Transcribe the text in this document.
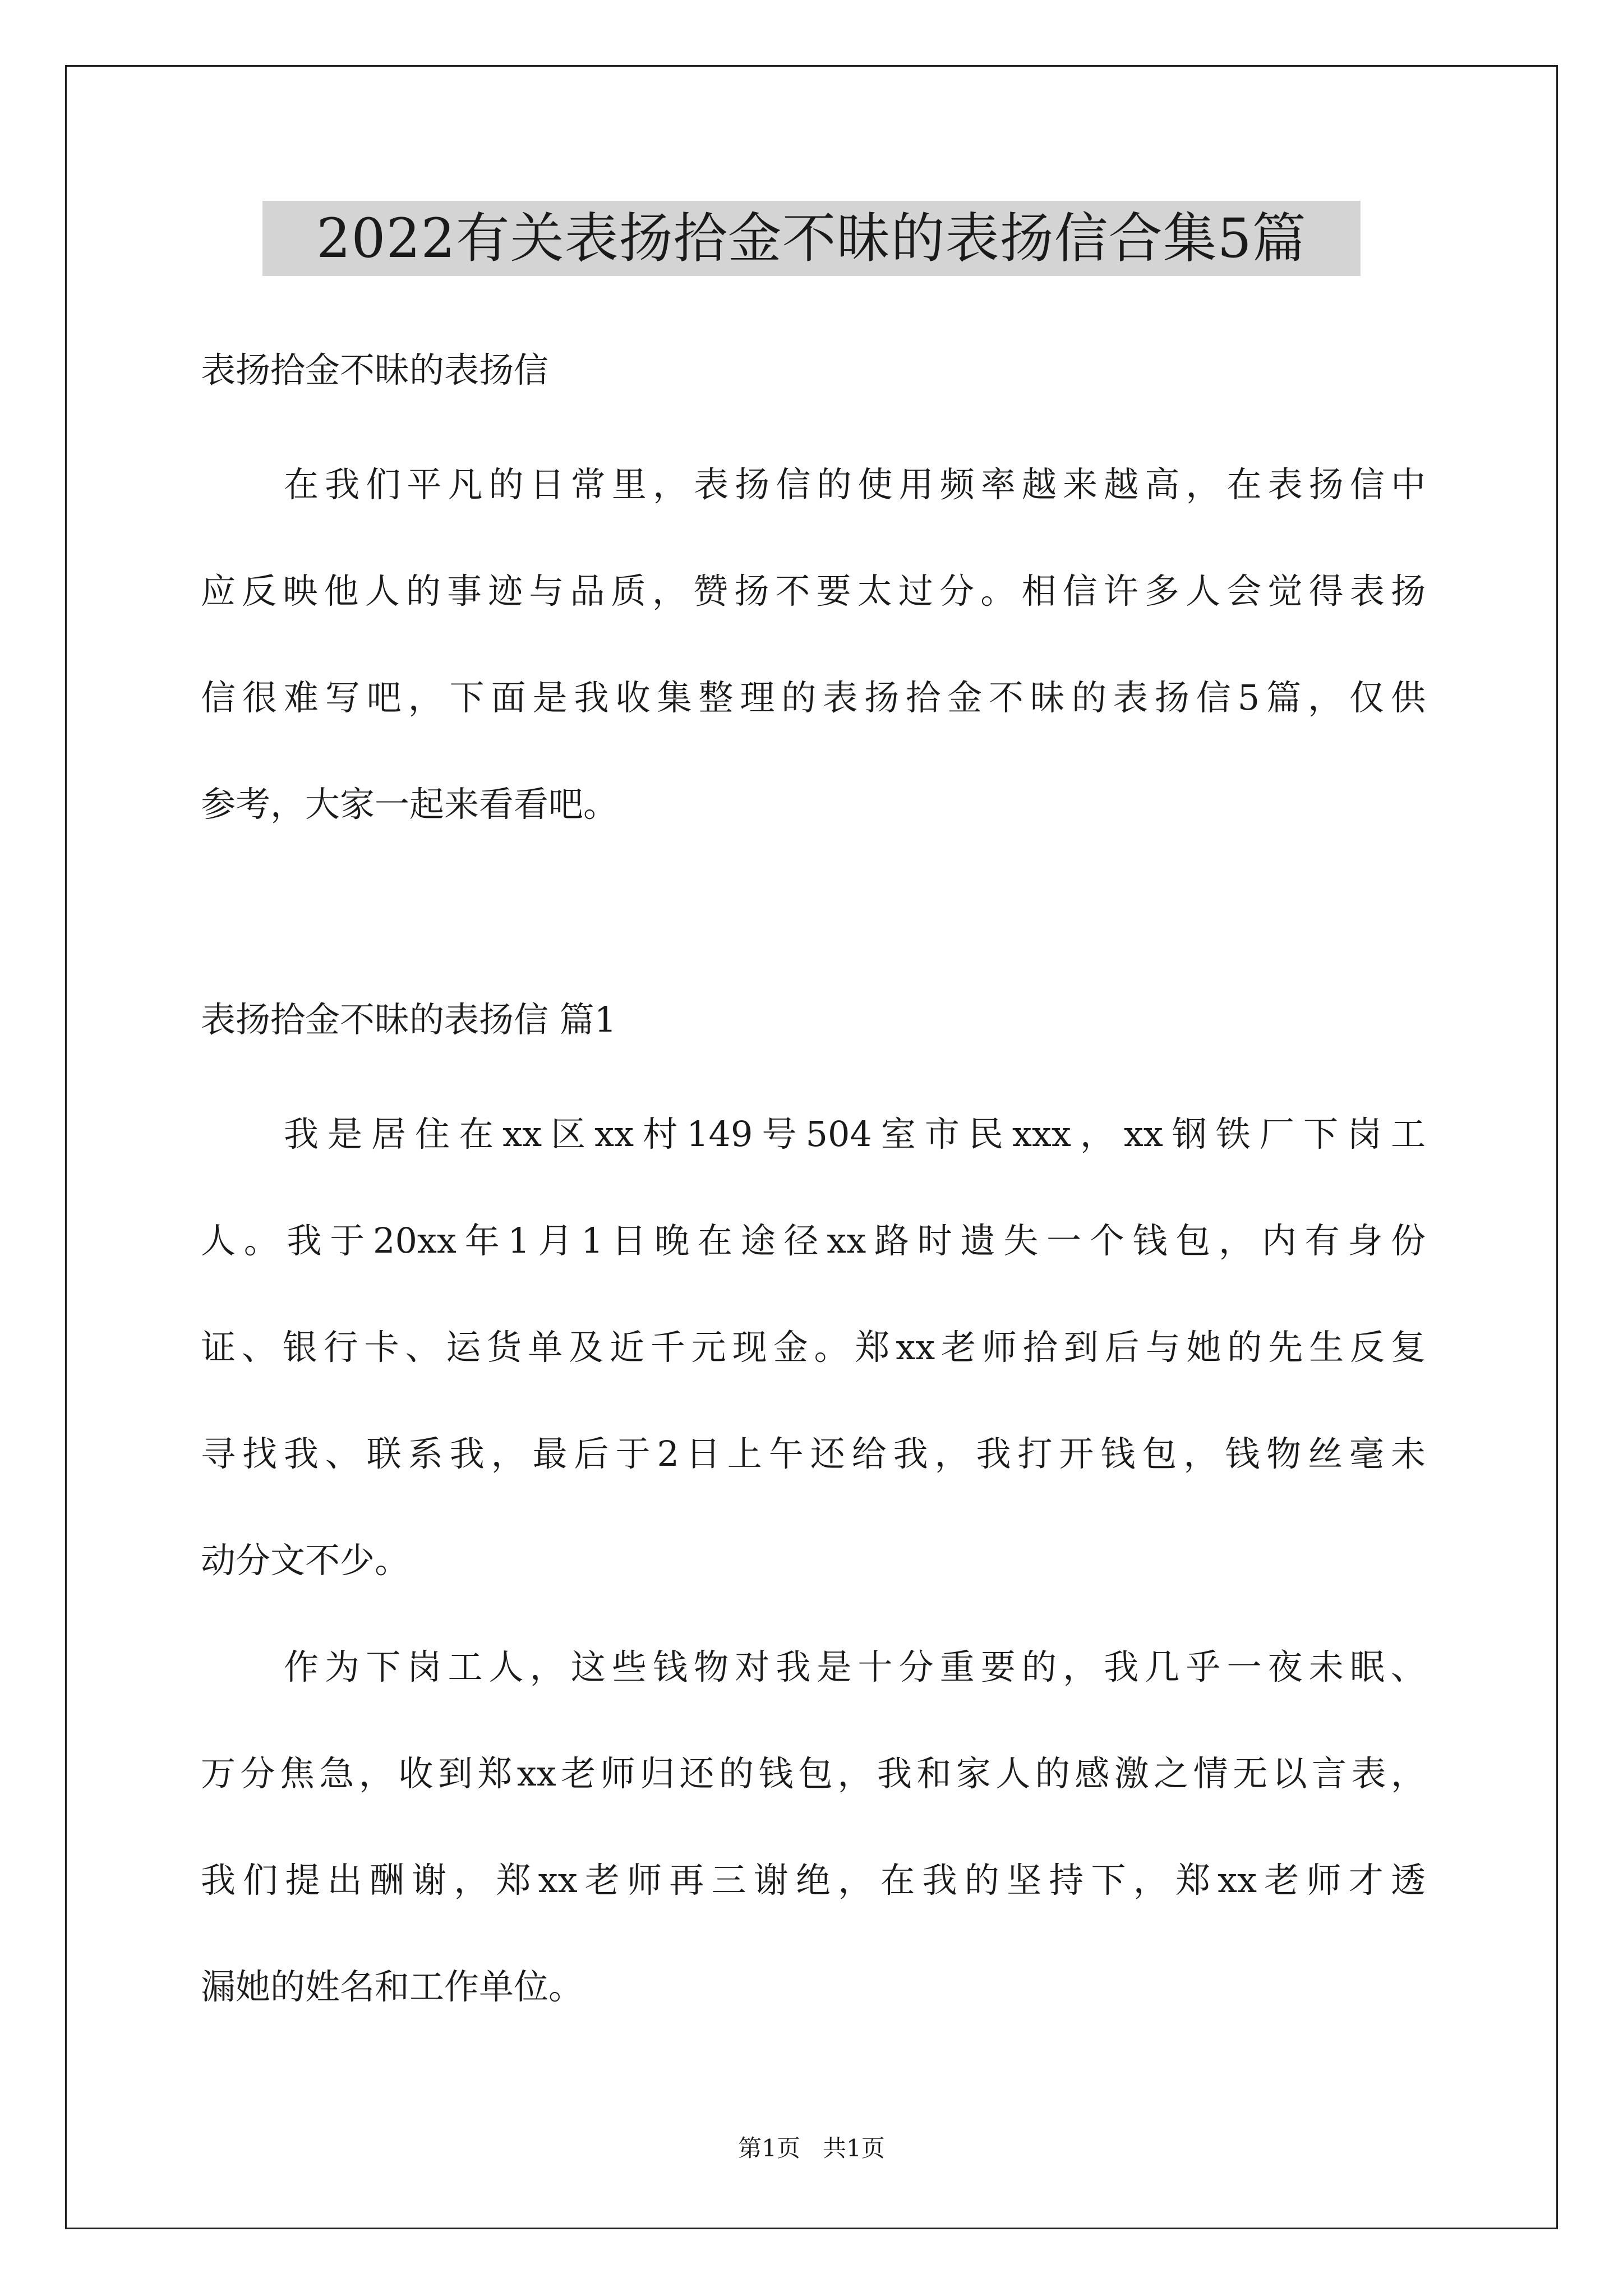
2022有关表扬拾金不昧的表扬信合集5篇
表扬拾金不昧的表扬信
在我们平凡的日常里，表扬信的使用频率越来越高，在表扬信中
应反映他人的事迹与品质，赞扬不要太过分。相信许多人会觉得表扬
信很难写吧，下面是我收集整理的表扬拾金不昧的表扬信5篇，仅供
参考，大家一起来看看吧。
表扬拾金不昧的表扬信 篇1
我是居住在xx区xx村149号504室市民xxx，xx钢铁厂下岗工
人。我于20xx年1月1日晚在途径xx路时遗失一个钱包，内有身份
证、银行卡、运货单及近千元现金。郑xx老师拾到后与她的先生反复
寻找我、联系我，最后于2日上午还给我，我打开钱包，钱物丝毫未
动分文不少。
作为下岗工人，这些钱物对我是十分重要的，我几乎一夜未眠、
万分焦急，收到郑xx老师归还的钱包，我和家人的感激之情无以言表，
我们提出酬谢，郑xx老师再三谢绝，在我的坚持下，郑xx老师才透
漏她的姓名和工作单位。
第1页   共1页
